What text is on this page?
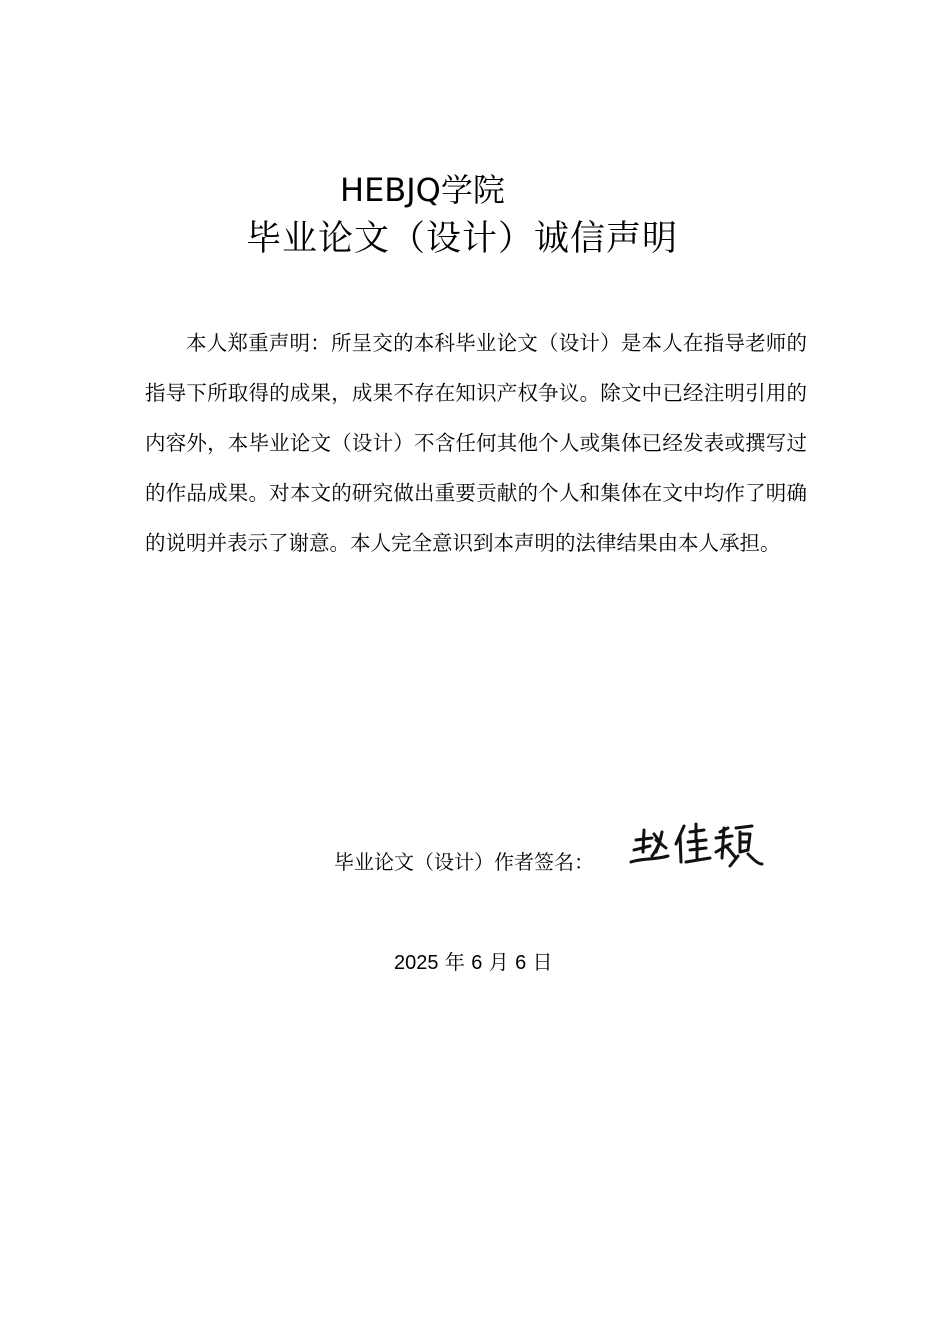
HEBJQ学院
毕业论文（设计）诚信声明

本人郑重声明：所呈交的本科毕业论文（设计）是本人在指导老师的指导下所取得的成果，成果不存在知识产权争议。除文中已经注明引用的内容外，本毕业论文（设计）不含任何其他个人或集体已经发表或撰写过的作品成果。对本文的研究做出重要贡献的个人和集体在文中均作了明确的说明并表示了谢意。本人完全意识到本声明的法律结果由本人承担。

毕业论文（设计）作者签名：
2025 年 6 月 6 日
